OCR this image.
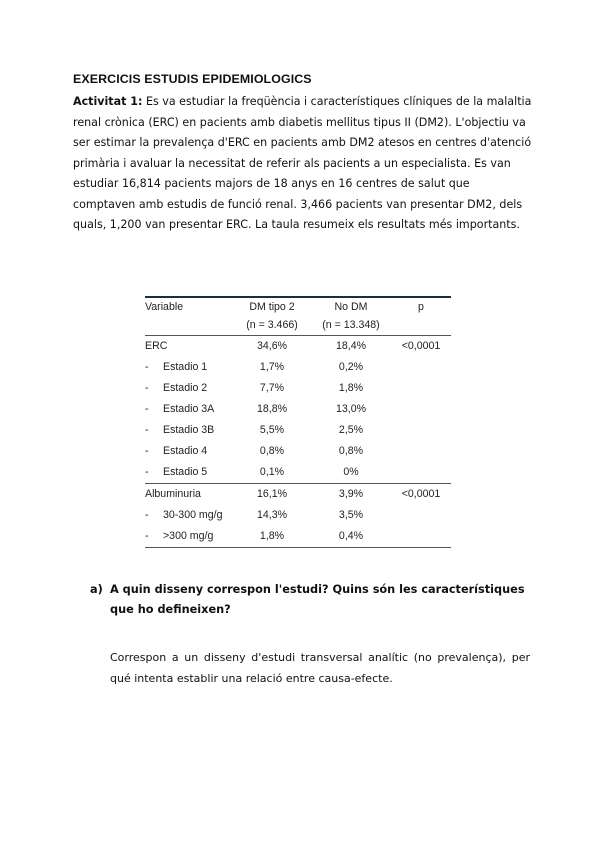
EXERCICIS ESTUDIS EPIDEMIOLOGICS
Activitat 1: Es va estudiar la freqüència i característiques clíniques de la malaltia renal crònica (ERC) en pacients amb diabetis mellitus tipus II (DM2). L'objectiu va ser estimar la prevalença d'ERC en pacients amb DM2 atesos en centres d'atenció primària i avaluar la necessitat de referir als pacients a un especialista. Es van estudiar 16,814 pacients majors de 18 anys en 16 centres de salut que comptaven amb estudis de funció renal. 3,466 pacients van presentar DM2, dels quals, 1,200 van presentar ERC. La taula resumeix els resultats més importants.
Variable	DM tipo 2	No DM	p
	(n = 3.466)	(n = 13.348)	
ERC	34,6%	18,4%	<0,0001
- Estadio 1	1,7%	0,2%	
- Estadio 2	7,7%	1,8%	
- Estadio 3A	18,8%	13,0%	
- Estadio 3B	5,5%	2,5%	
- Estadio 4	0,8%	0,8%	
- Estadio 5	0,1%	0%	
Albuminuria	16,1%	3,9%	<0,0001
- 30-300 mg/g	14,3%	3,5%	
- >300 mg/g	1,8%	0,4%	
a) A quin disseny correspon l'estudi? Quins són les característiques
que ho defineixen?
Correspon a un disseny d'estudi transversal analític (no prevalença), per qué intenta establir una relació entre causa-efecte.
